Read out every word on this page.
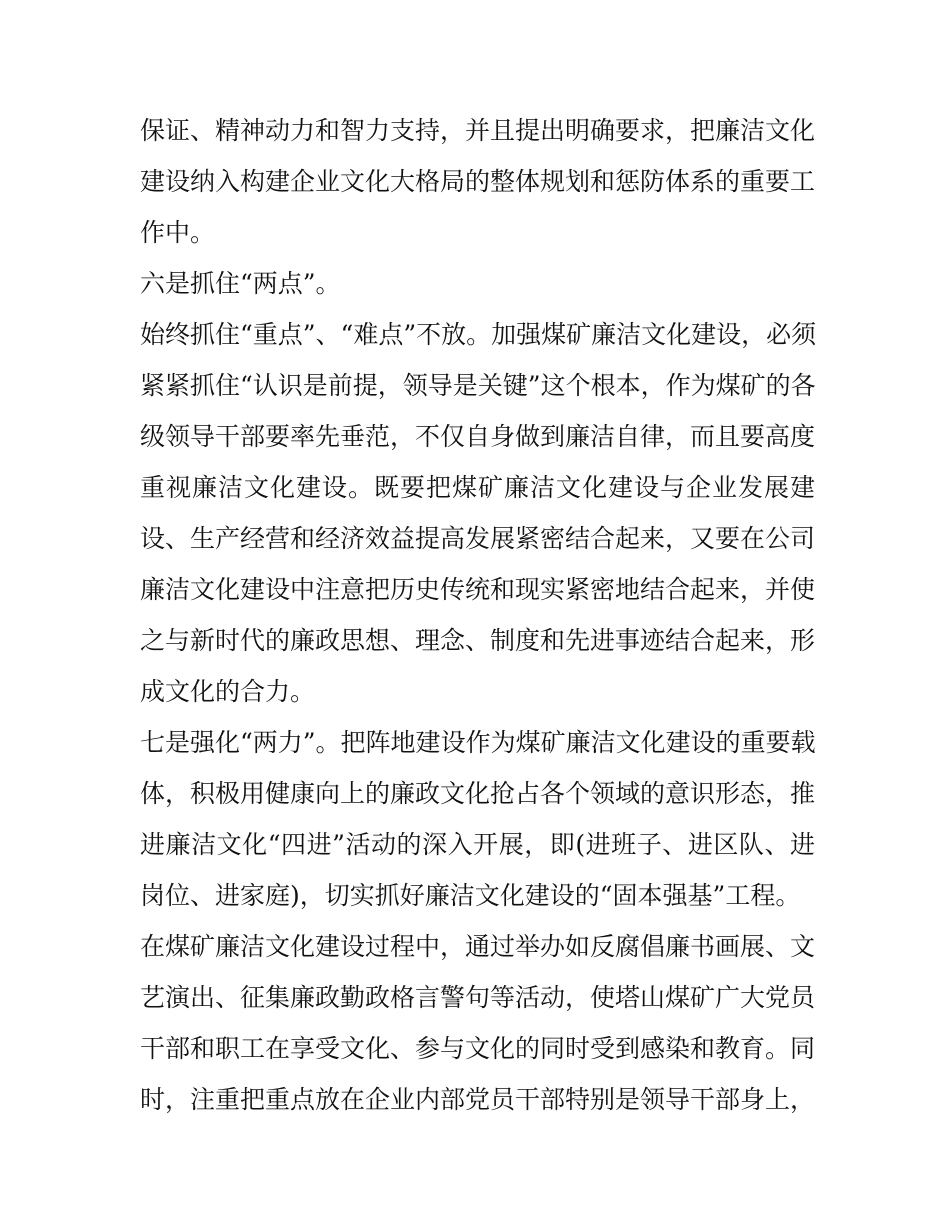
保证、精神动力和智力支持，并且提出明确要求，把廉洁文化
建设纳入构建企业文化大格局的整体规划和惩防体系的重要工
作中。
六是抓住“两点”。
始终抓住“重点”、“难点”不放。加强煤矿廉洁文化建设，必须
紧紧抓住“认识是前提，领导是关键”这个根本，作为煤矿的各
级领导干部要率先垂范，不仅自身做到廉洁自律，而且要高度
重视廉洁文化建设。既要把煤矿廉洁文化建设与企业发展建
设、生产经营和经济效益提高发展紧密结合起来，又要在公司
廉洁文化建设中注意把历史传统和现实紧密地结合起来，并使
之与新时代的廉政思想、理念、制度和先进事迹结合起来，形
成文化的合力。
七是强化“两力”。把阵地建设作为煤矿廉洁文化建设的重要载
体，积极用健康向上的廉政文化抢占各个领域的意识形态，推
进廉洁文化“四进”活动的深入开展，即(进班子、进区队、进
岗位、进家庭)，切实抓好廉洁文化建设的“固本强基”工程。
在煤矿廉洁文化建设过程中，通过举办如反腐倡廉书画展、文
艺演出、征集廉政勤政格言警句等活动，使塔山煤矿广大党员
干部和职工在享受文化、参与文化的同时受到感染和教育。同
时，注重把重点放在企业内部党员干部特别是领导干部身上，
